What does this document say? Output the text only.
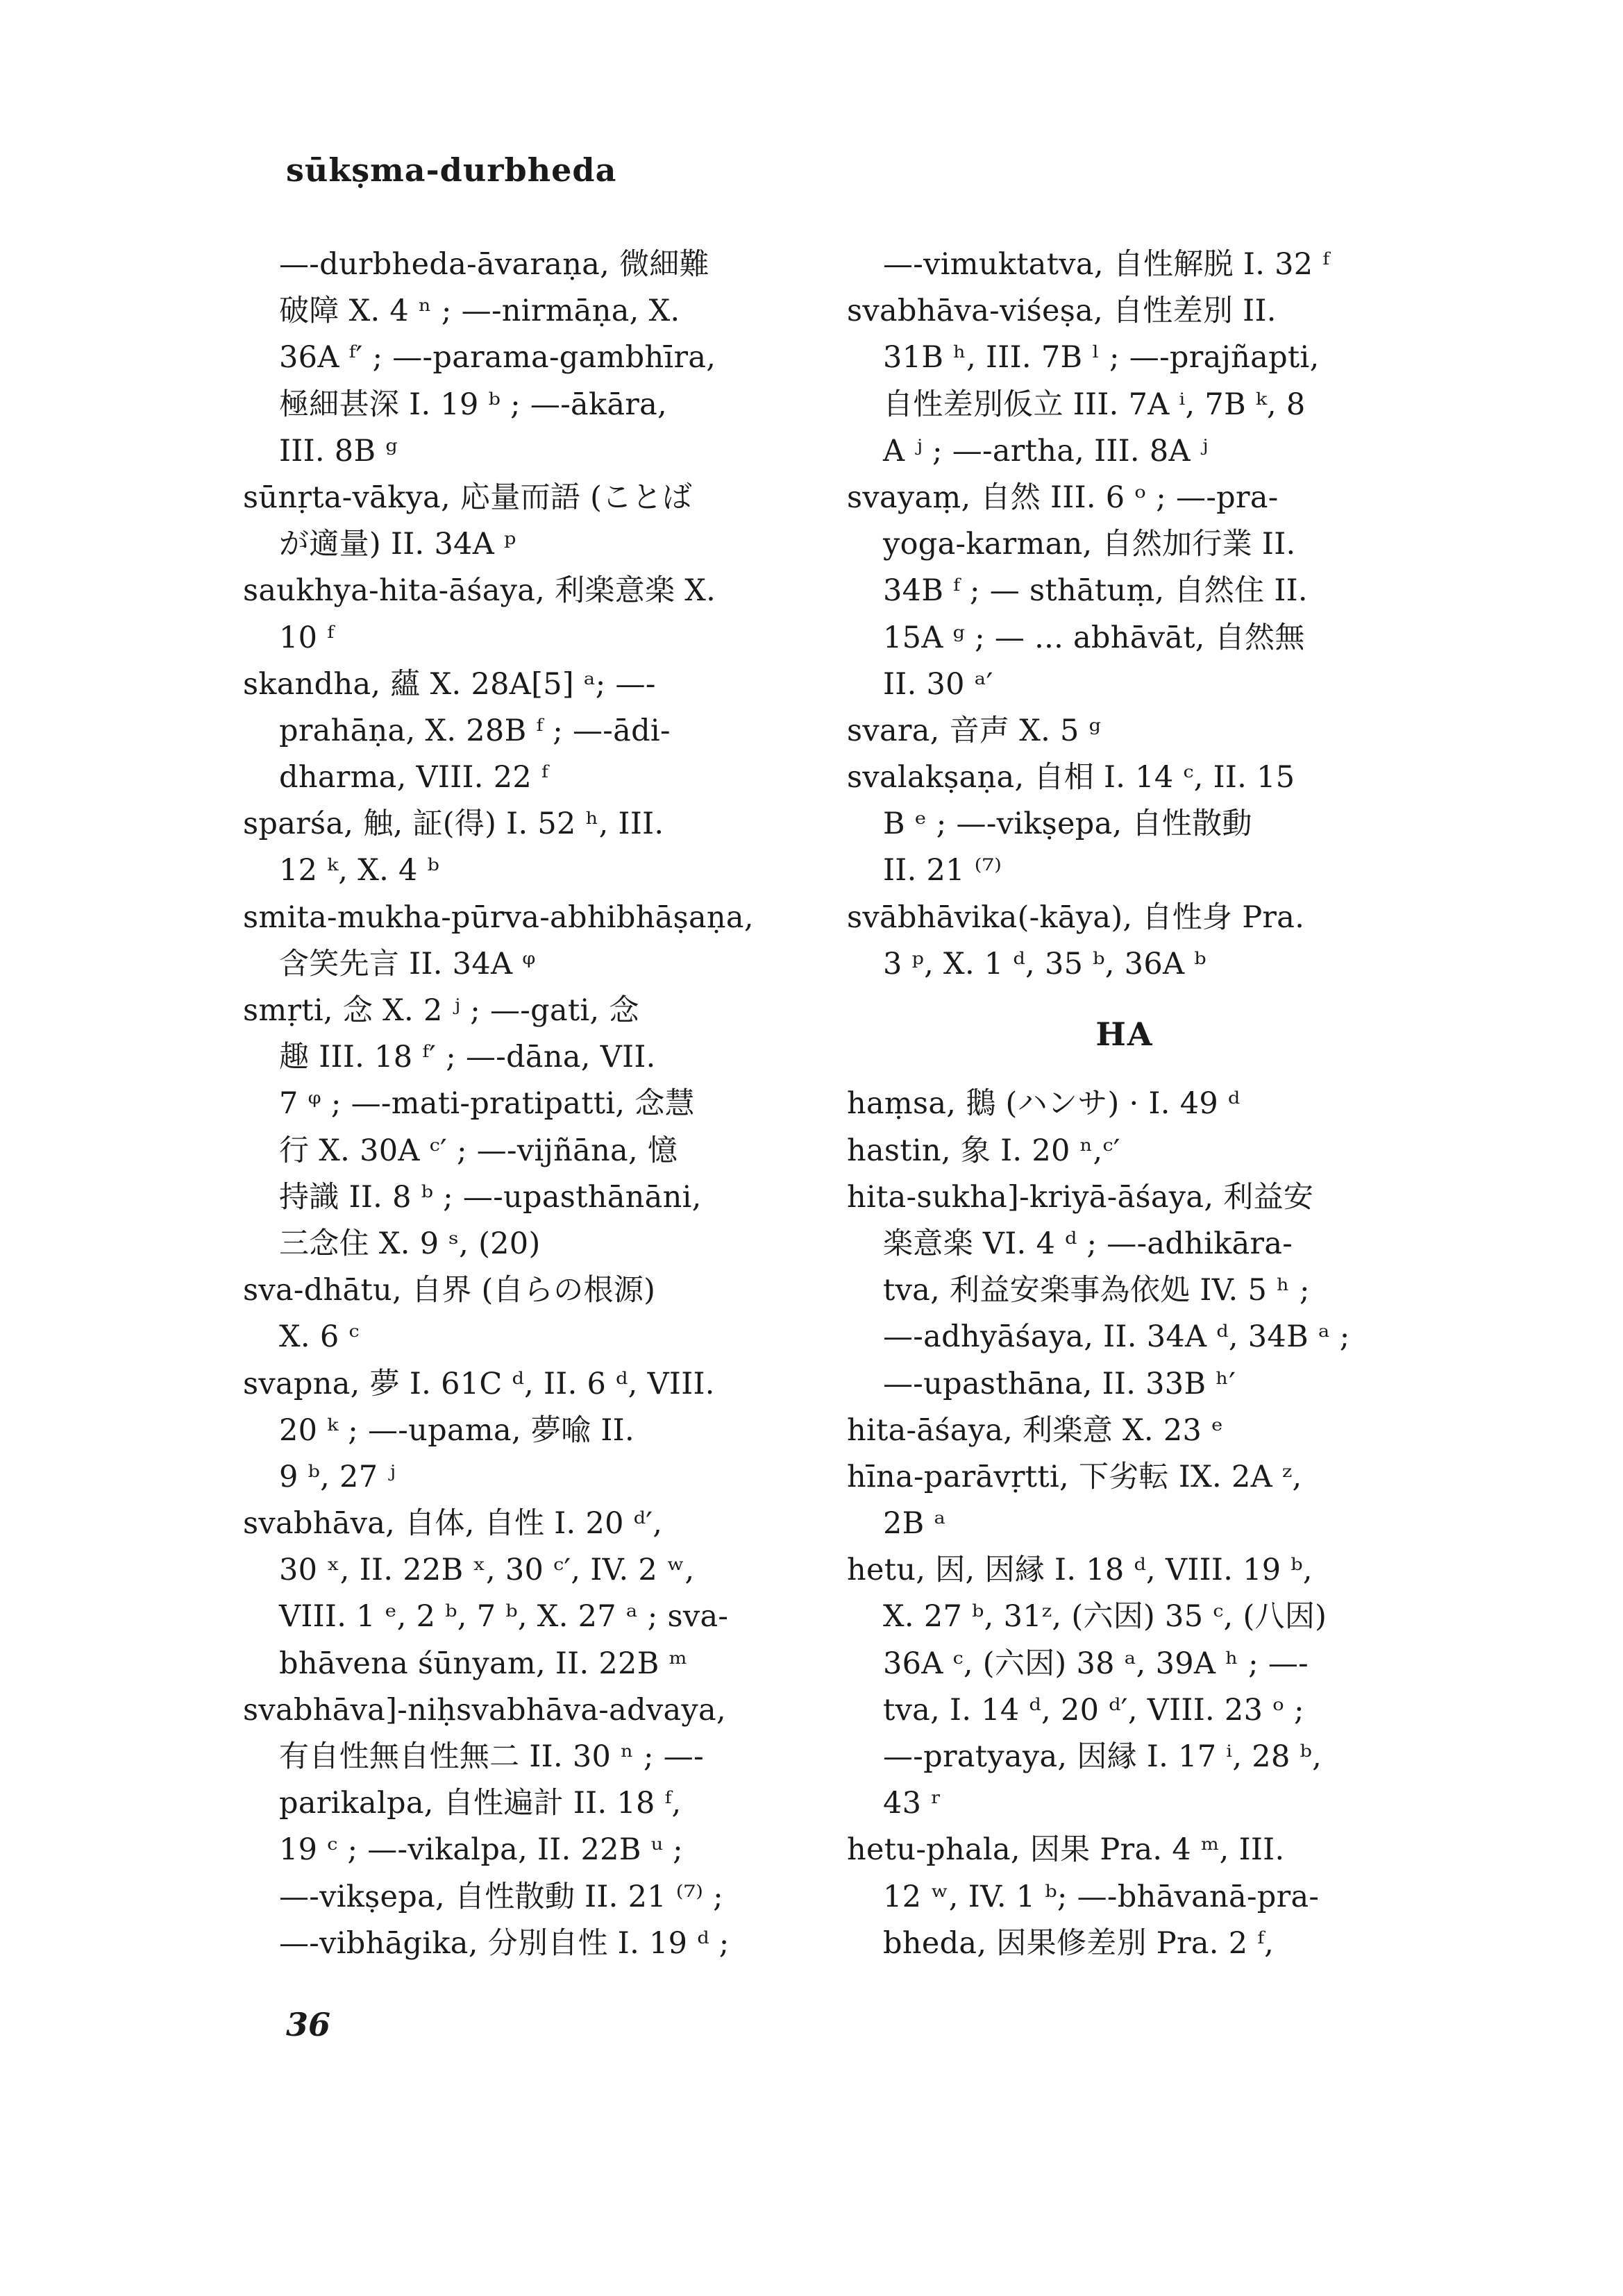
sūkṣma-durbheda
—-durbheda-āvaraṇa, 微細難
破障 X. 4 ⁿ ; —-nirmāṇa, X.
36A ᶠ′ ; —-parama-gambhīra,
極細甚深 I. 19 ᵇ ; —-ākāra,
III. 8B ᵍ
sūnṛta-vākya, 応量而語 (ことば
が適量) II. 34A ᵖ
saukhya-hita-āśaya, 利楽意楽 X.
10 ᶠ
skandha, 蘊 X. 28A[5] ᵃ; —-
prahāṇa, X. 28B ᶠ ; —-ādi-
dharma, VIII. 22 ᶠ
sparśa, 触, 証(得) I. 52 ʰ, III.
12 ᵏ, X. 4 ᵇ
smita-mukha-pūrva-abhibhāṣaṇa,
含笑先言 II. 34A ᵠ
smṛti, 念 X. 2 ʲ ; —-gati, 念
趣 III. 18 ᶠ′ ; —-dāna, VII.
7 ᵠ ; —-mati-pratipatti, 念慧
行 X. 30A ᶜ′ ; —-vijñāna, 憶
持識 II. 8 ᵇ ; —-upasthānāni,
三念住 X. 9 ˢ, (20)
sva-dhātu, 自界 (自らの根源)
X. 6 ᶜ
svapna, 夢 I. 61C ᵈ, II. 6 ᵈ, VIII.
20 ᵏ ; —-upama, 夢喩 II.
9 ᵇ, 27 ʲ
svabhāva, 自体, 自性 I. 20 ᵈ′,
30 ˣ, II. 22B ˣ, 30 ᶜ′, IV. 2 ʷ,
VIII. 1 ᵉ, 2 ᵇ, 7 ᵇ, X. 27 ᵃ ; sva-
bhāvena śūnyam, II. 22B ᵐ
svabhāva]-niḥsvabhāva-advaya,
有自性無自性無二 II. 30 ⁿ ; —-
parikalpa, 自性遍計 II. 18 ᶠ,
19 ᶜ ; —-vikalpa, II. 22B ᵘ ;
—-vikṣepa, 自性散動 II. 21 ⁽⁷⁾ ;
—-vibhāgika, 分別自性 I. 19 ᵈ ;
—-vimuktatva, 自性解脱 I. 32 ᶠ
svabhāva-viśeṣa, 自性差別 II.
31B ʰ, III. 7B ˡ ; —-prajñapti,
自性差別仮立 III. 7A ⁱ, 7B ᵏ, 8
A ʲ ; —-artha, III. 8A ʲ
svayaṃ, 自然 III. 6 ᵒ ; —-pra-
yoga-karman, 自然加行業 II.
34B ᶠ ; — sthātuṃ, 自然住 II.
15A ᵍ ; — ... abhāvāt, 自然無
II. 30 ᵃ′
svara, 音声 X. 5 ᵍ
svalakṣaṇa, 自相 I. 14 ᶜ, II. 15
B ᵉ ; —-vikṣepa, 自性散動
II. 21 ⁽⁷⁾
svābhāvika(-kāya), 自性身 Pra.
3 ᵖ, X. 1 ᵈ, 35 ᵇ, 36A ᵇ
HA
haṃsa, 鵝 (ハンサ) · I. 49 ᵈ
hastin, 象 I. 20 ⁿ,ᶜ′
hita-sukha]-kriyā-āśaya, 利益安
楽意楽 VI. 4 ᵈ ; —-adhikāra-
tva, 利益安楽事為依処 IV. 5 ʰ ;
—-adhyāśaya, II. 34A ᵈ, 34B ᵃ ;
—-upasthāna, II. 33B ʰ′
hita-āśaya, 利楽意 X. 23 ᵉ
hīna-parāvṛtti, 下劣転 IX. 2A ᶻ,
2B ᵃ
hetu, 因, 因縁 I. 18 ᵈ, VIII. 19 ᵇ,
X. 27 ᵇ, 31ᶻ, (六因) 35 ᶜ, (八因)
36A ᶜ, (六因) 38 ᵃ, 39A ʰ ; —-
tva, I. 14 ᵈ, 20 ᵈ′, VIII. 23 ᵒ ;
—-pratyaya, 因縁 I. 17 ⁱ, 28 ᵇ,
43 ʳ
hetu-phala, 因果 Pra. 4 ᵐ, III.
12 ʷ, IV. 1 ᵇ; —-bhāvanā-pra-
bheda, 因果修差別 Pra. 2 ᶠ,
36
